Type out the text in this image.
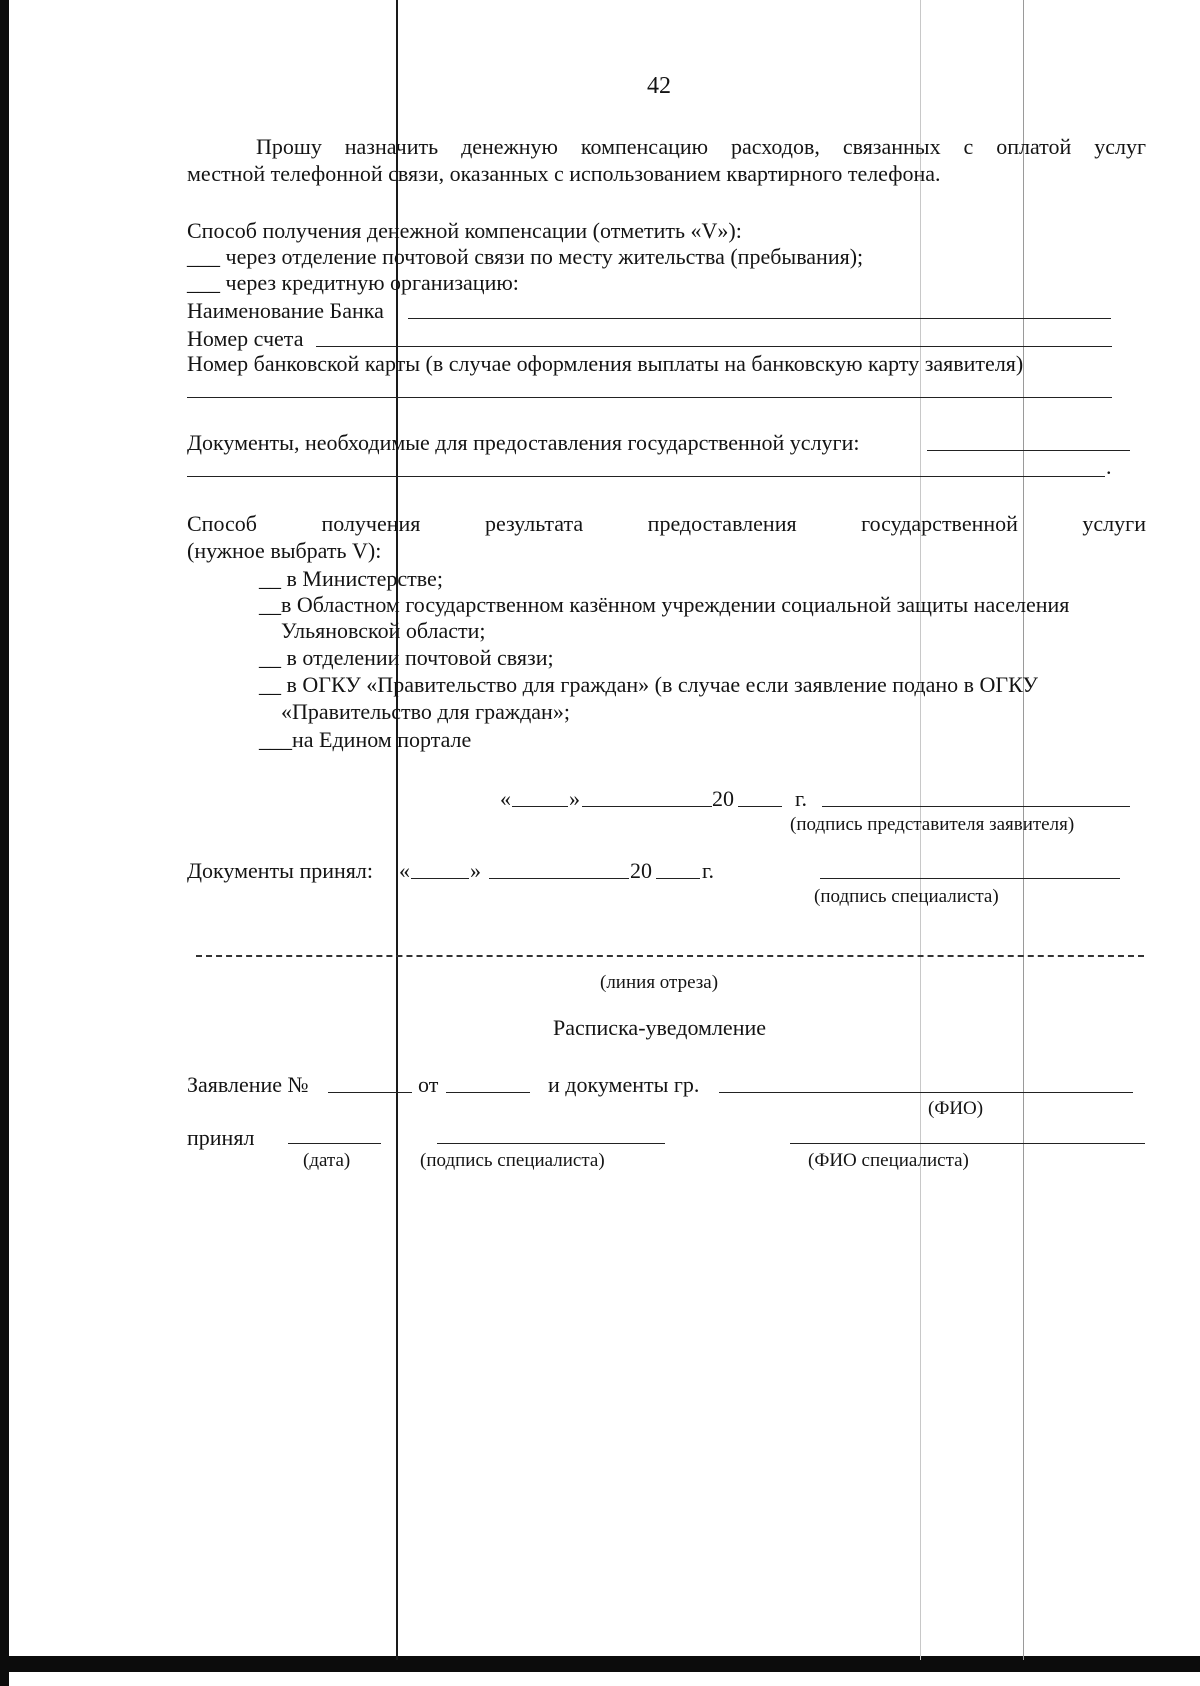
42
Прошу назначить денежную компенсацию расходов, связанных с оплатой услуг
местной телефонной связи, оказанных с использованием квартирного телефона.
Способ получения денежной компенсации (отметить «V»):
___ через отделение почтовой связи по месту жительства (пребывания);
___ через кредитную организацию:
Наименование Банка
Номер счета
Номер банковской карты (в случае оформления выплаты на банковскую карту заявителя)
Документы, необходимые для предоставления государственной услуги:
.
Способ	получения	результата	предоставления	государственной	услуги
(нужное выбрать V):
__ в Министерстве;
__в Областном государственном казённом учреждении социальной защиты населения
Ульяновской области;
__ в отделении почтовой связи;
__ в ОГКУ «Правительство для граждан» (в случае если заявление подано в ОГКУ
«Правительство для граждан»;
___на Едином портале
«	»	20	г.
(подпись представителя заявителя)
Документы принял: «	»	20 г.
(подпись специалиста)
(линия отреза)
Расписка-уведомление
Заявление №	от	и документы гр.
(ФИО)
принял
(дата)	(подпись специалиста)	(ФИО специалиста)
